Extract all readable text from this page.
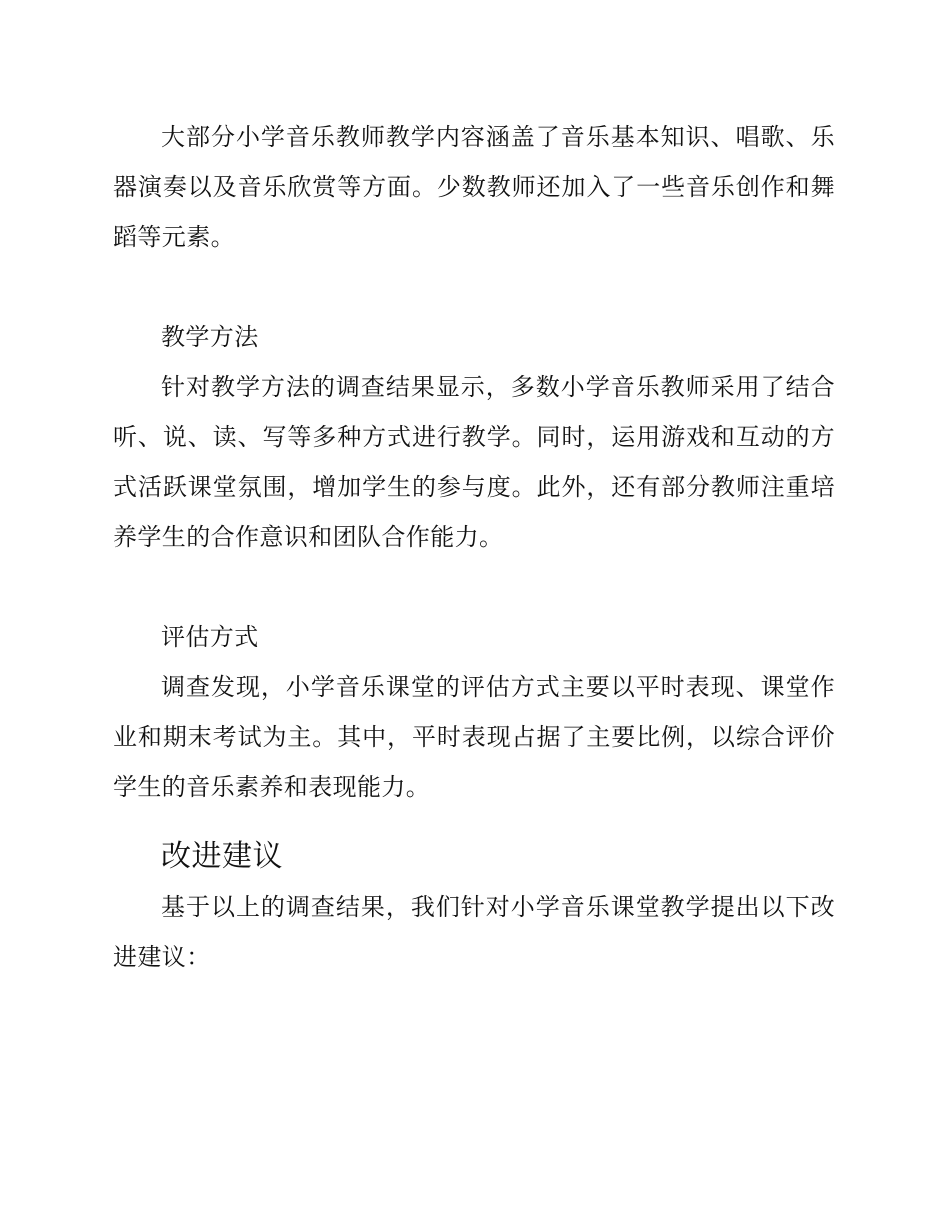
大部分小学音乐教师教学内容涵盖了音乐基本知识、唱歌、乐器演奏以及音乐欣赏等方面。少数教师还加入了一些音乐创作和舞蹈等元素。

教学方法

针对教学方法的调查结果显示，多数小学音乐教师采用了结合听、说、读、写等多种方式进行教学。同时，运用游戏和互动的方式活跃课堂氛围，增加学生的参与度。此外，还有部分教师注重培养学生的合作意识和团队合作能力。

评估方式

调查发现，小学音乐课堂的评估方式主要以平时表现、课堂作业和期末考试为主。其中，平时表现占据了主要比例，以综合评价学生的音乐素养和表现能力。

改进建议

基于以上的调查结果，我们针对小学音乐课堂教学提出以下改进建议：
